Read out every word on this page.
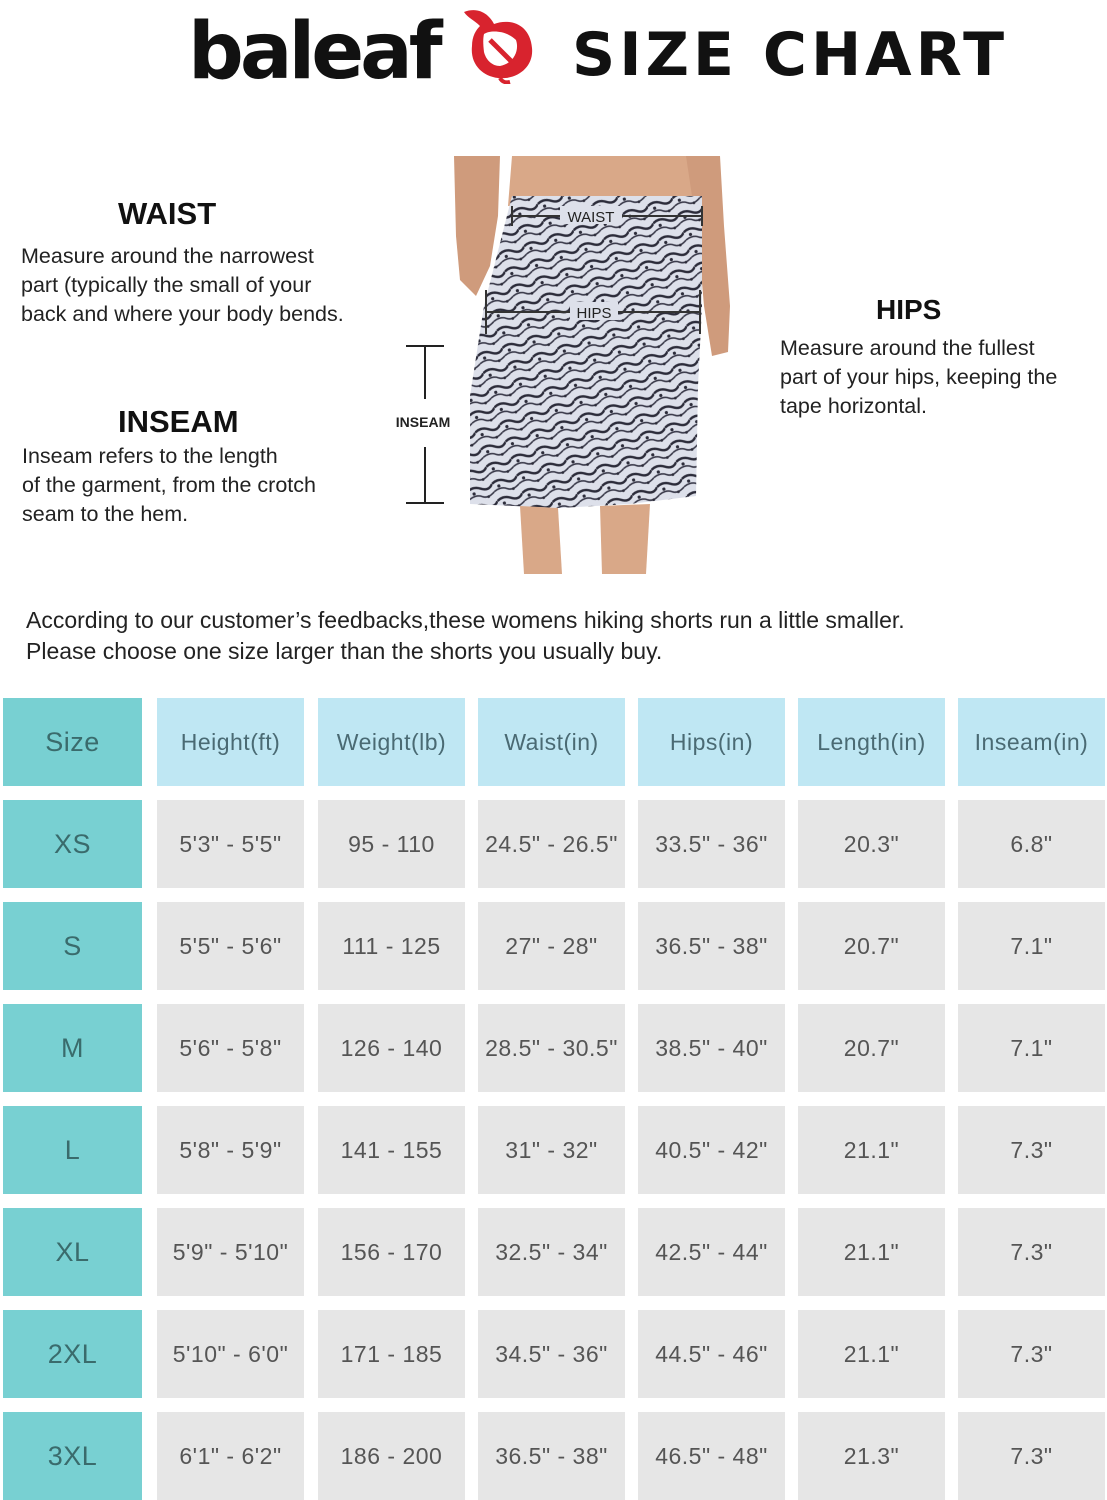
baleaf SIZE CHART
WAIST
Measure around the narrowest
part (typically the small of your
back and where your body bends.
INSEAM
Inseam refers to the length
of the garment, from the crotch
seam to the hem.
HIPS
Measure around the fullest
part of your hips, keeping the
tape horizontal.
INSEAM
WAIST
HIPS
According to our customer’s feedbacks,these womens hiking shorts run a little smaller.
Please choose one size larger than the shorts you usually buy.
Size	Height(ft)	Weight(lb)	Waist(in)	Hips(in)	Length(in)	Inseam(in)
XS	5'3" - 5'5"	95 - 110	24.5" - 26.5"	33.5" - 36"	20.3"	6.8"
S	5'5" - 5'6"	111 - 125	27" - 28"	36.5" - 38"	20.7"	7.1"
M	5'6" - 5'8"	126 - 140	28.5" - 30.5"	38.5" - 40"	20.7"	7.1"
L	5'8" - 5'9"	141 - 155	31" - 32"	40.5" - 42"	21.1"	7.3"
XL	5'9" - 5'10"	156 - 170	32.5" - 34"	42.5" - 44"	21.1"	7.3"
2XL	5'10" - 6'0"	171 - 185	34.5" - 36"	44.5" - 46"	21.1"	7.3"
3XL	6'1" - 6'2"	186 - 200	36.5" - 38"	46.5" - 48"	21.3"	7.3"
